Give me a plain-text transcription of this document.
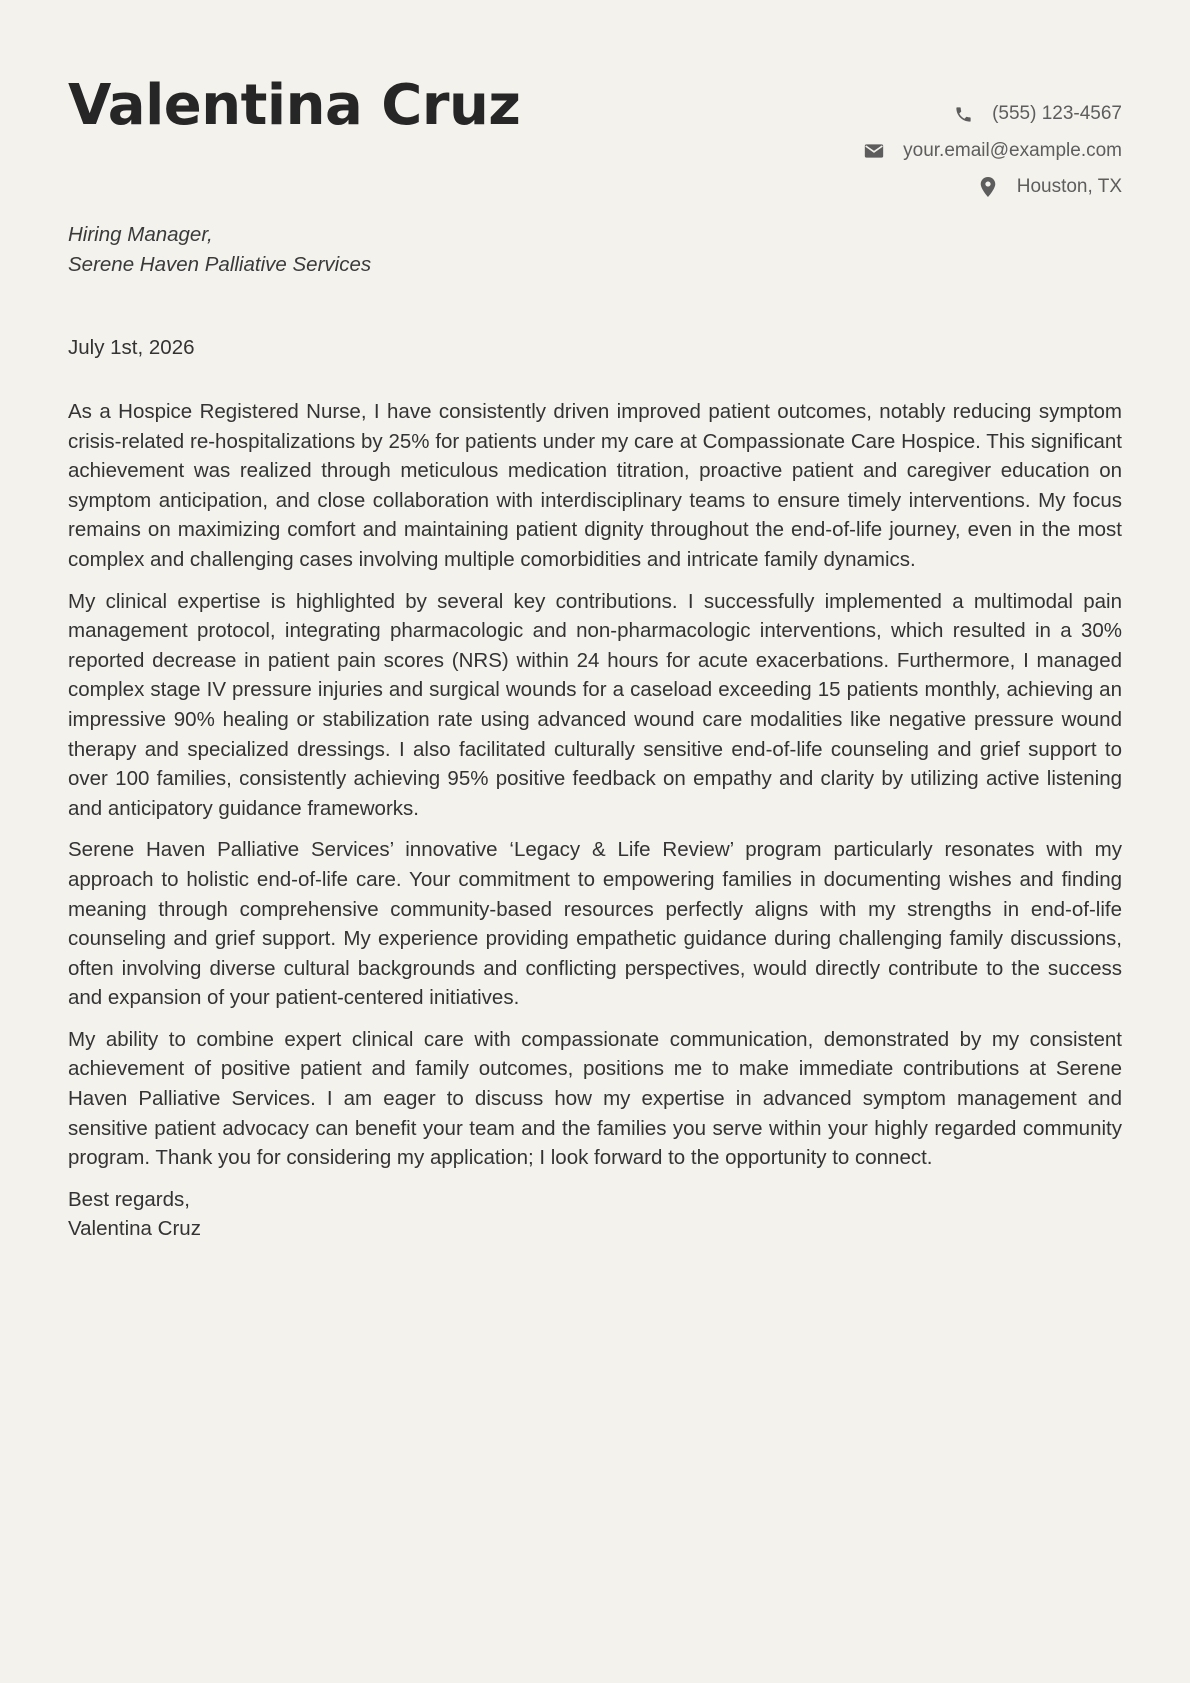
Valentina Cruz	(555) 123-4567
your.email@example.com
Houston, TX
Hiring Manager,
Serene Haven Palliative Services
July 1st, 2026

As a Hospice Registered Nurse, I have consistently driven improved patient outcomes, notably reducing symptom crisis-related re-hospitalizations by 25% for patients under my care at Compassionate Care Hospice. This significant achievement was realized through meticulous medication titration, proactive patient and caregiver education on symptom anticipation, and close collaboration with interdisciplinary teams to ensure timely interventions. My focus remains on maximizing comfort and maintaining patient dignity throughout the end-of-life journey, even in the most complex and challenging cases involving multiple comorbidities and intricate family dynamics.

My clinical expertise is highlighted by several key contributions. I successfully implemented a multimodal pain management protocol, integrating pharmacologic and non-pharmacologic interventions, which resulted in a 30% reported decrease in patient pain scores (NRS) within 24 hours for acute exacerbations. Furthermore, I managed complex stage IV pressure injuries and surgical wounds for a caseload exceeding 15 patients monthly, achieving an impressive 90% healing or stabilization rate using advanced wound care modalities like negative pressure wound therapy and specialized dressings. I also facilitated culturally sensitive end-of-life counseling and grief support to over 100 families, consistently achieving 95% positive feedback on empathy and clarity by utilizing active listening and anticipatory guidance frameworks.

Serene Haven Palliative Services’ innovative ‘Legacy & Life Review’ program particularly resonates with my approach to holistic end-of-life care. Your commitment to empowering families in documenting wishes and finding meaning through comprehensive community-based resources perfectly aligns with my strengths in end-of-life counseling and grief support. My experience providing empathetic guidance during challenging family discussions, often involving diverse cultural backgrounds and conflicting perspectives, would directly contribute to the success and expansion of your patient-centered initiatives.

My ability to combine expert clinical care with compassionate communication, demonstrated by my consistent achievement of positive patient and family outcomes, positions me to make immediate contributions at Serene Haven Palliative Services. I am eager to discuss how my expertise in advanced symptom management and sensitive patient advocacy can benefit your team and the families you serve within your highly regarded community program. Thank you for considering my application; I look forward to the opportunity to connect.

Best regards,
Valentina Cruz
